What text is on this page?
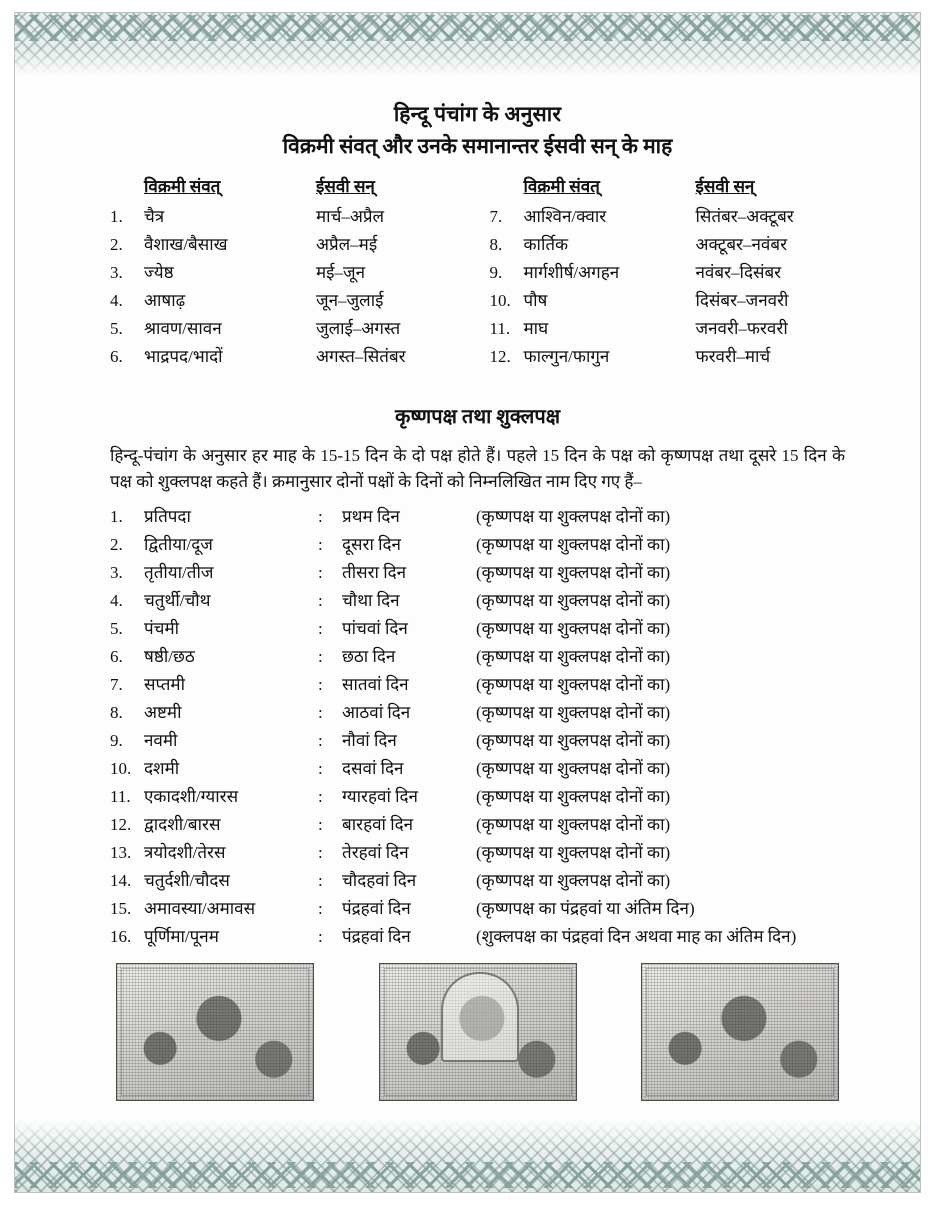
हिन्दू पंचांग के अनुसार
विक्रमी संवत् और उनके समानान्तर ईसवी सन् के माह
विक्रमी संवत्	ईसवी सन्
1.	चैत्र	मार्च–अप्रैल
2.	वैशाख/बैसाख	अप्रैल–मई
3.	ज्येष्ठ	मई–जून
4.	आषाढ़	जून–जुलाई
5.	श्रावण/सावन	जुलाई–अगस्त
6.	भाद्रपद/भादों	अगस्त–सितंबर
विक्रमी संवत्	ईसवी सन्
7.	आश्विन/क्वार	सितंबर–अक्टूबर
8.	कार्तिक	अक्टूबर–नवंबर
9.	मार्गशीर्ष/अगहन	नवंबर–दिसंबर
10. पौष	दिसंबर–जनवरी
11. माघ	जनवरी–फरवरी
12. फाल्गुन/फागुन	फरवरी–मार्च
कृष्णपक्ष तथा शुक्लपक्ष

हिन्दू-पंचांग के अनुसार हर माह के 15-15 दिन के दो पक्ष होते हैं। पहले 15 दिन के पक्ष को कृष्णपक्ष तथा दूसरे 15 दिन के पक्ष को शुक्लपक्ष कहते हैं। क्रमानुसार दोनों पक्षों के दिनों को निम्नलिखित नाम दिए गए हैं–

1.	प्रतिपदा	:	प्रथम दिन	(कृष्णपक्ष या शुक्लपक्ष दोनों का)
2.	द्वितीया/दूज	:	दूसरा दिन	(कृष्णपक्ष या शुक्लपक्ष दोनों का)
3.	तृतीया/तीज	:	तीसरा दिन	(कृष्णपक्ष या शुक्लपक्ष दोनों का)
4.	चतुर्थी/चौथ	:	चौथा दिन	(कृष्णपक्ष या शुक्लपक्ष दोनों का)
5.	पंचमी	:	पांचवां दिन	(कृष्णपक्ष या शुक्लपक्ष दोनों का)
6.	षष्ठी/छठ	:	छठा दिन	(कृष्णपक्ष या शुक्लपक्ष दोनों का)
7.	सप्तमी	:	सातवां दिन	(कृष्णपक्ष या शुक्लपक्ष दोनों का)
8.	अष्टमी	:	आठवां दिन	(कृष्णपक्ष या शुक्लपक्ष दोनों का)
9.	नवमी	:	नौवां दिन	(कृष्णपक्ष या शुक्लपक्ष दोनों का)
10. दशमी	:	दसवां दिन	(कृष्णपक्ष या शुक्लपक्ष दोनों का)
11. एकादशी/ग्यारस	:	ग्यारहवां दिन	(कृष्णपक्ष या शुक्लपक्ष दोनों का)
12. द्वादशी/बारस	:	बारहवां दिन	(कृष्णपक्ष या शुक्लपक्ष दोनों का)
13. त्रयोदशी/तेरस	:	तेरहवां दिन	(कृष्णपक्ष या शुक्लपक्ष दोनों का)
14. चतुर्दशी/चौदस	:	चौदहवां दिन	(कृष्णपक्ष या शुक्लपक्ष दोनों का)
15. अमावस्या/अमावस	:	पंद्रहवां दिन	(कृष्णपक्ष का पंद्रहवां या अंतिम दिन)
16. पूर्णिमा/पूनम	:	पंद्रहवां दिन	(शुक्लपक्ष का पंद्रहवां दिन अथवा माह का अंतिम दिन)
